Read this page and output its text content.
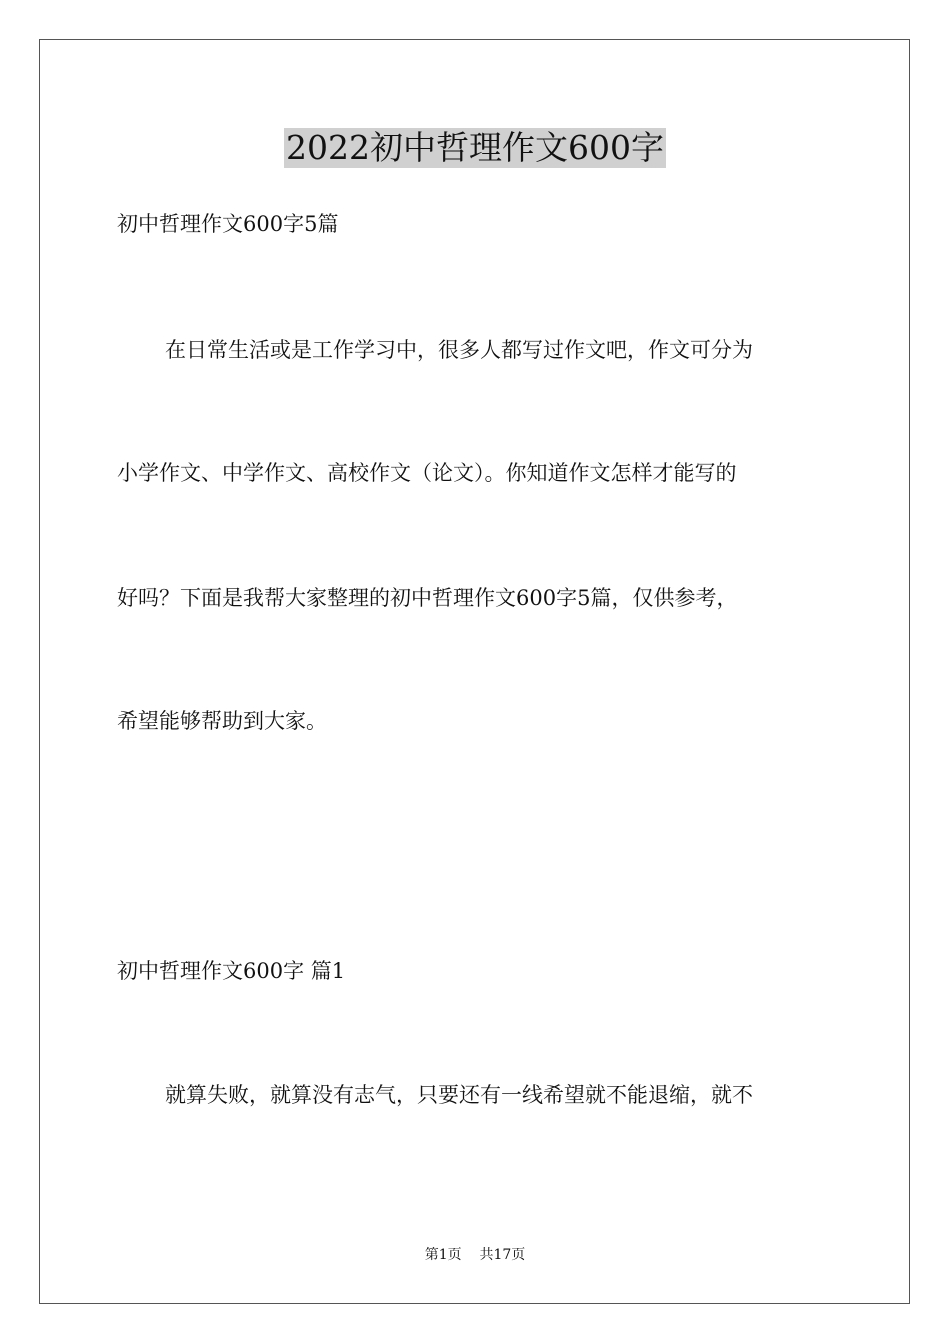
2022初中哲理作文600字
初中哲理作文600字5篇
在日常生活或是工作学习中，很多人都写过作文吧，作文可分为
小学作文、中学作文、高校作文（论文）。你知道作文怎样才能写的
好吗？下面是我帮大家整理的初中哲理作文600字5篇，仅供参考，
希望能够帮助到大家。
初中哲理作文600字 篇1
就算失败，就算没有志气，只要还有一线希望就不能退缩，就不
第1页 共17页
